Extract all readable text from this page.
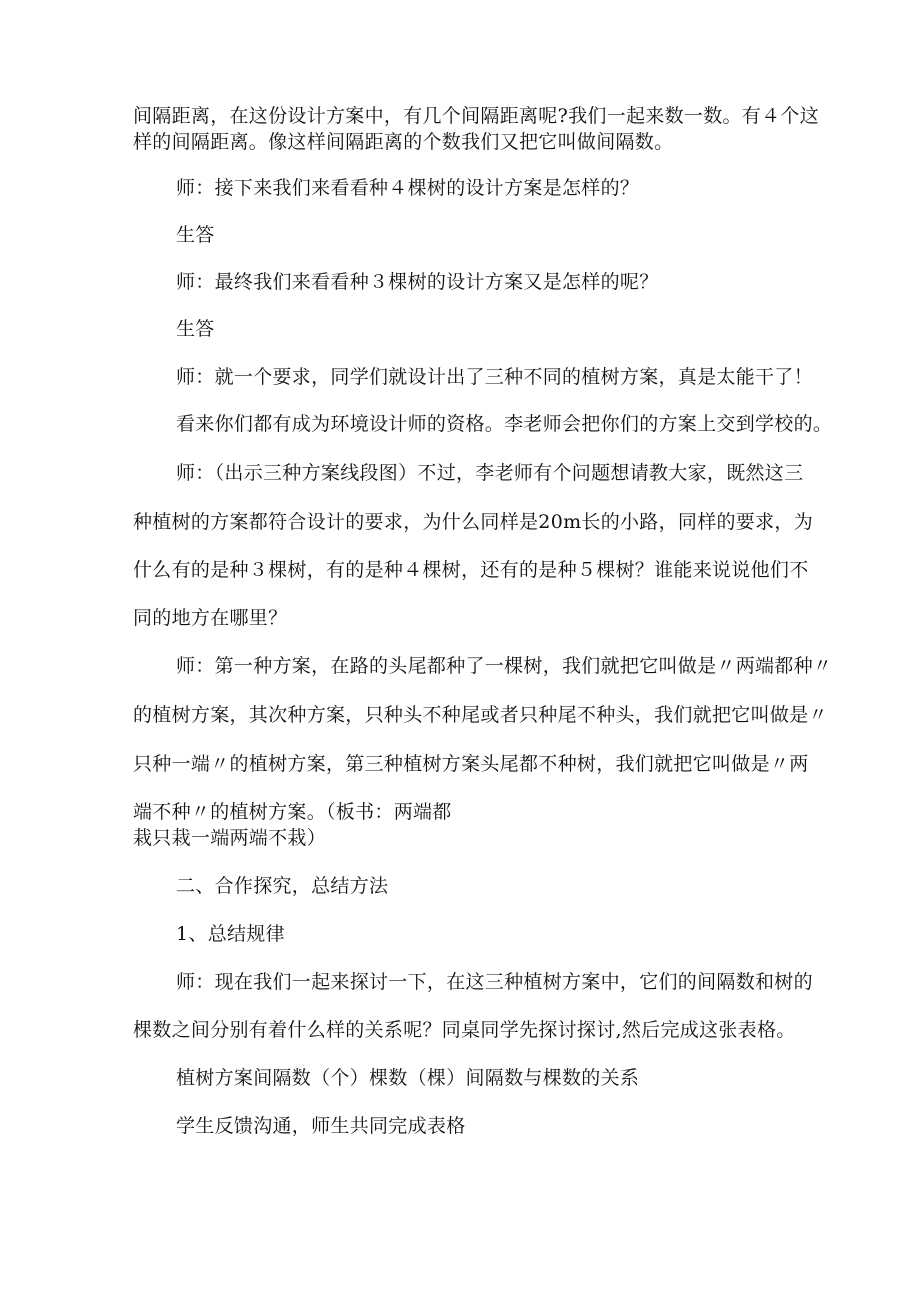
间隔距离，在这份设计方案中，有几个间隔距离呢?我们一起来数一数。有４个这
样的间隔距离。像这样间隔距离的个数我们又把它叫做间隔数。
师：接下来我们来看看种４棵树的设计方案是怎样的？
生答
师：最终我们来看看种３棵树的设计方案又是怎样的呢？
生答
师：就一个要求，同学们就设计出了三种不同的植树方案，真是太能干了！
看来你们都有成为环境设计师的资格。李老师会把你们的方案上交到学校的。
师：（出示三种方案线段图）不过，李老师有个问题想请教大家，既然这三
种植树的方案都符合设计的要求，为什么同样是20m长的小路，同样的要求，为
什么有的是种３棵树，有的是种４棵树，还有的是种５棵树？谁能来说说他们不
同的地方在哪里？
师：第一种方案，在路的头尾都种了一棵树，我们就把它叫做是〃两端都种〃
的植树方案，其次种方案，只种头不种尾或者只种尾不种头，我们就把它叫做是〃
只种一端〃的植树方案，第三种植树方案头尾都不种树，我们就把它叫做是〃两
端不种〃的植树方案。（板书：两端都
栽只栽一端两端不栽）
二、合作探究，总结方法
1、总结规律
师：现在我们一起来探讨一下，在这三种植树方案中，它们的间隔数和树的
棵数之间分别有着什么样的关系呢？同桌同学先探讨探讨,然后完成这张表格。
植树方案间隔数（个）棵数（棵）间隔数与棵数的关系
学生反馈沟通，师生共同完成表格
